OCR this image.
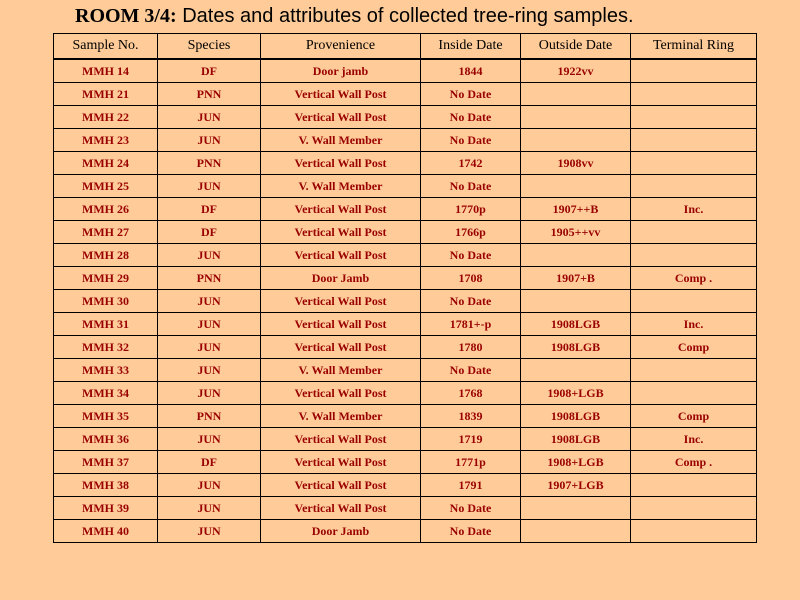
ROOM 3/4: Dates and attributes of collected tree-ring samples.
Sample No.	Species	Provenience	Inside Date	Outside Date	Terminal Ring
MMH 14	DF	Door jamb	1844	1922vv	
MMH 21	PNN	Vertical Wall Post	No Date		
MMH 22	JUN	Vertical Wall Post	No Date		
MMH 23	JUN	V. Wall Member	No Date		
MMH 24	PNN	Vertical Wall Post	1742	1908vv	
MMH 25	JUN	V. Wall Member	No Date		
MMH 26	DF	Vertical Wall Post	1770p	1907++B	Inc.
MMH 27	DF	Vertical Wall Post	1766p	1905++vv	
MMH 28	JUN	Vertical Wall Post	No Date		
MMH 29	PNN	Door Jamb	1708	1907+B	Comp .
MMH 30	JUN	Vertical Wall Post	No Date		
MMH 31	JUN	Vertical Wall Post	1781+-p	1908LGB	Inc.
MMH 32	JUN	Vertical Wall Post	1780	1908LGB	Comp
MMH 33	JUN	V. Wall Member	No Date		
MMH 34	JUN	Vertical Wall Post	1768	1908+LGB	
MMH 35	PNN	V. Wall Member	1839	1908LGB	Comp
MMH 36	JUN	Vertical Wall Post	1719	1908LGB	Inc.
MMH 37	DF	Vertical Wall Post	1771p	1908+LGB	Comp .
MMH 38	JUN	Vertical Wall Post	1791	1907+LGB	
MMH 39	JUN	Vertical Wall Post	No Date		
MMH 40	JUN	Door Jamb	No Date		
